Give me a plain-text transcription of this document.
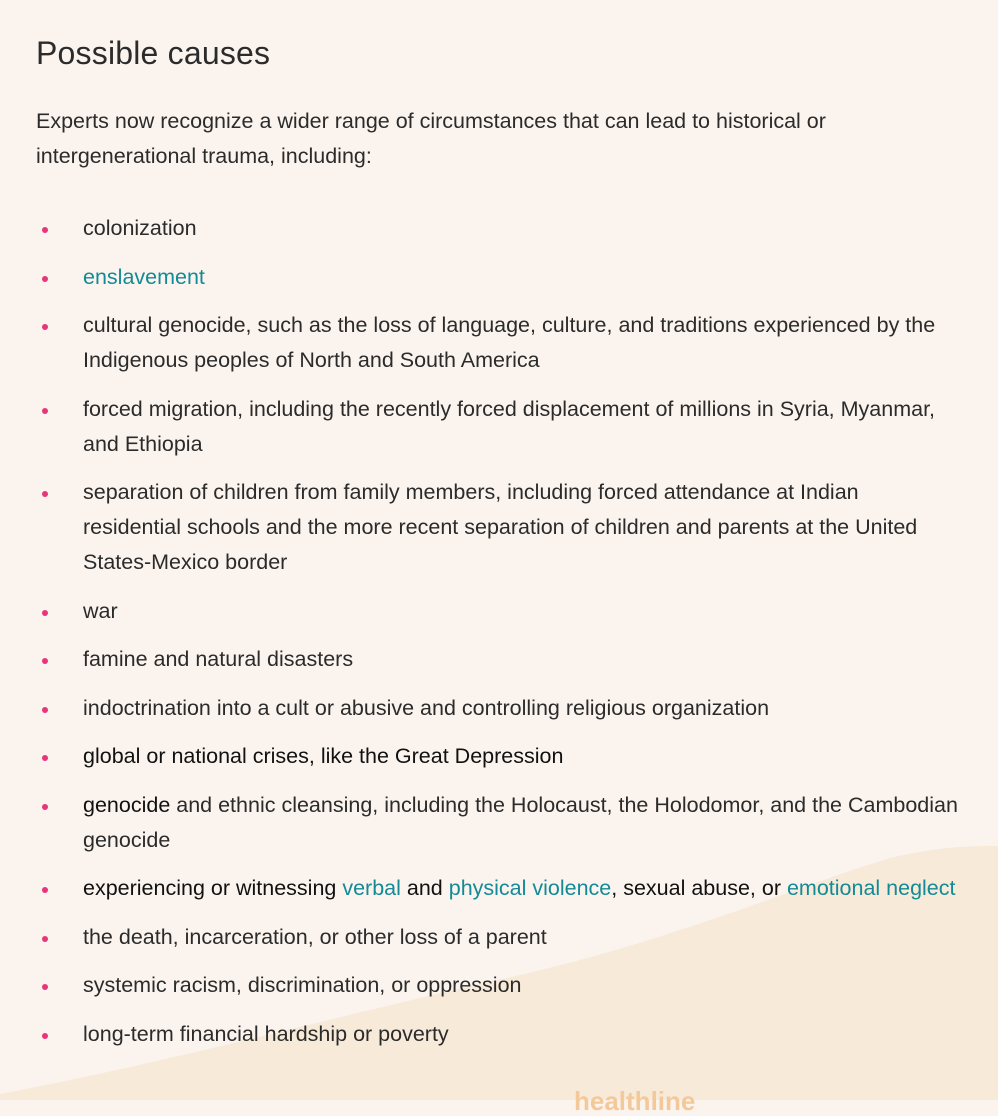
Possible causes

Experts now recognize a wider range of circumstances that can lead to historical or intergenerational trauma, including:

colonization
enslavement
cultural genocide, such as the loss of language, culture, and traditions experienced by the Indigenous peoples of North and South America
forced migration, including the recently forced displacement of millions in Syria, Myanmar, and Ethiopia
separation of children from family members, including forced attendance at Indian residential schools and the more recent separation of children and parents at the United States-Mexico border
war
famine and natural disasters
indoctrination into a cult or abusive and controlling religious organization
global or national crises, like the Great Depression
genocide and ethnic cleansing, including the Holocaust, the Holodomor, and the Cambodian genocide
experiencing or witnessing verbal and physical violence, sexual abuse, or emotional neglect
the death, incarceration, or other loss of a parent
systemic racism, discrimination, or oppression
long-term financial hardship or poverty
healthline
